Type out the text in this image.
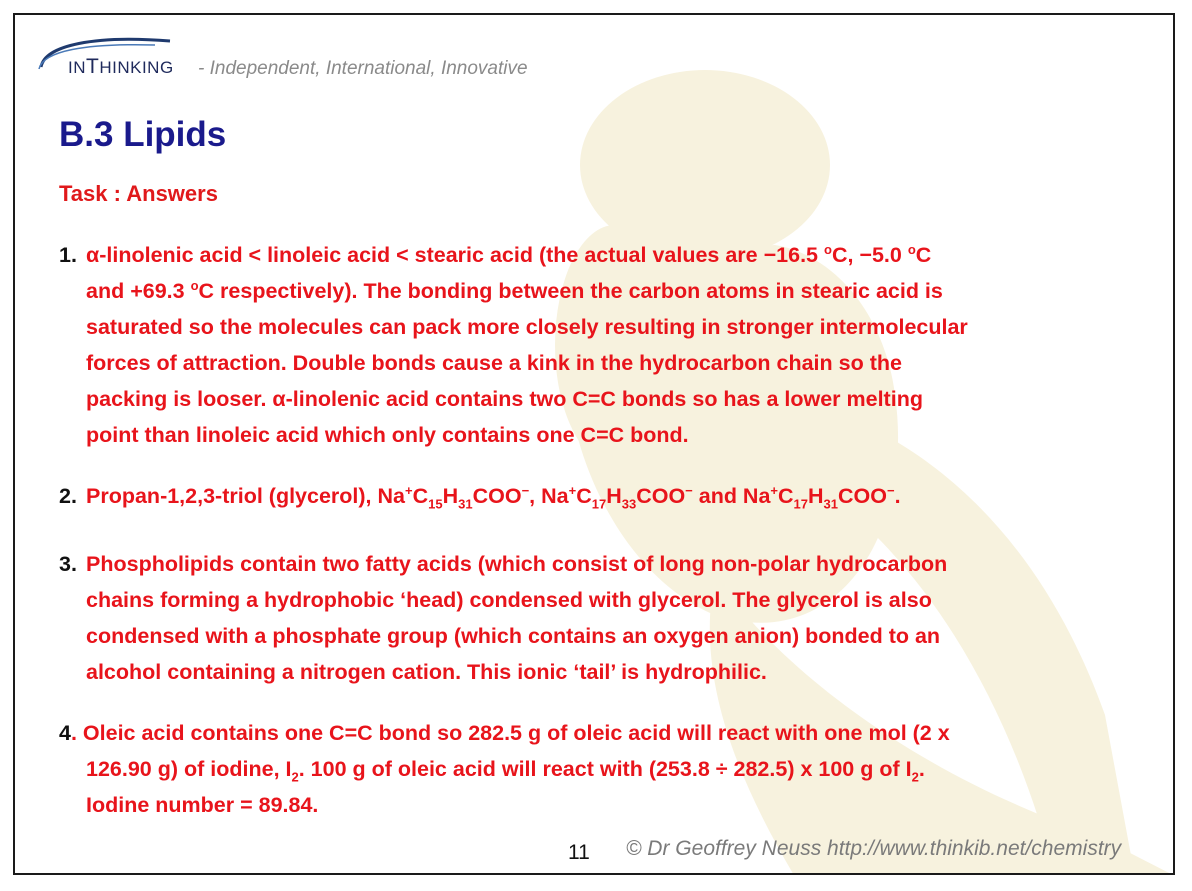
INTHINKING - Independent, International, Innovative
B.3 Lipids
Task : Answers
1. α-linolenic acid < linoleic acid < stearic acid (the actual values are −16.5 $^o$C, −5.0 $^o$C
and +69.3 $^o$C respectively). The bonding between the carbon atoms in stearic acid is
saturated so the molecules can pack more closely resulting in stronger intermolecular
forces of attraction. Double bonds cause a kink in the hydrocarbon chain so the
packing is looser. α-linolenic acid contains two C=C bonds so has a lower melting
point than linoleic acid which only contains one C=C bond.
2. Propan-1,2,3-triol (glycerol), $Na^+C_{15}H_{31}COO^-$, $Na^+C_{17}H_{33}COO^-$ and $Na^+C_{17}H_{31}COO^-$.
3. Phospholipids contain two fatty acids (which consist of long non-polar hydrocarbon
chains forming a hydrophobic ‘head) condensed with glycerol. The glycerol is also
condensed with a phosphate group (which contains an oxygen anion) bonded to an
alcohol containing a nitrogen cation. This ionic ‘tail’ is hydrophilic.
4. Oleic acid contains one C=C bond so 282.5 g of oleic acid will react with one mol (2 x
126.90 g) of iodine, $I_2$. 100 g of oleic acid will react with (253.8 ÷ 282.5) x 100 g of $I_2$.
Iodine number = 89.84.
11 © Dr Geoffrey Neuss http://www.thinkib.net/chemistry
